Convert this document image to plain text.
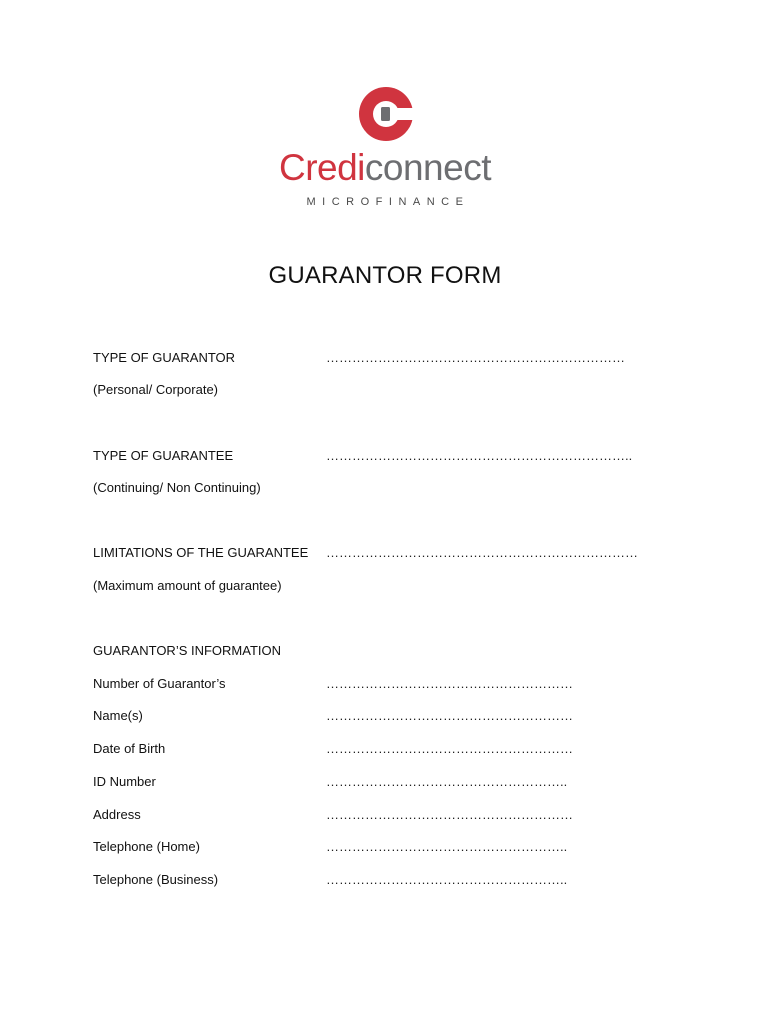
Crediconnect
MICROFINANCE
GUARANTOR FORM
TYPE OF GUARANTOR	……………………………………………………………
(Personal/ Corporate)
TYPE OF GUARANTEE	……………………………………………………………..
(Continuing/ Non Continuing)
LIMITATIONS OF THE GUARANTEE ………………………………………………………………
(Maximum amount of guarantee)
GUARANTOR’S INFORMATION
Number of Guarantor’s	…………………………………………………
Name(s)	…………………………………………………
Date of Birth	…………………………………………………
ID Number	………………………………………………..
Address	…………………………………………………
Telephone (Home)	………………………………………………..
Telephone (Business)	………………………………………………..
